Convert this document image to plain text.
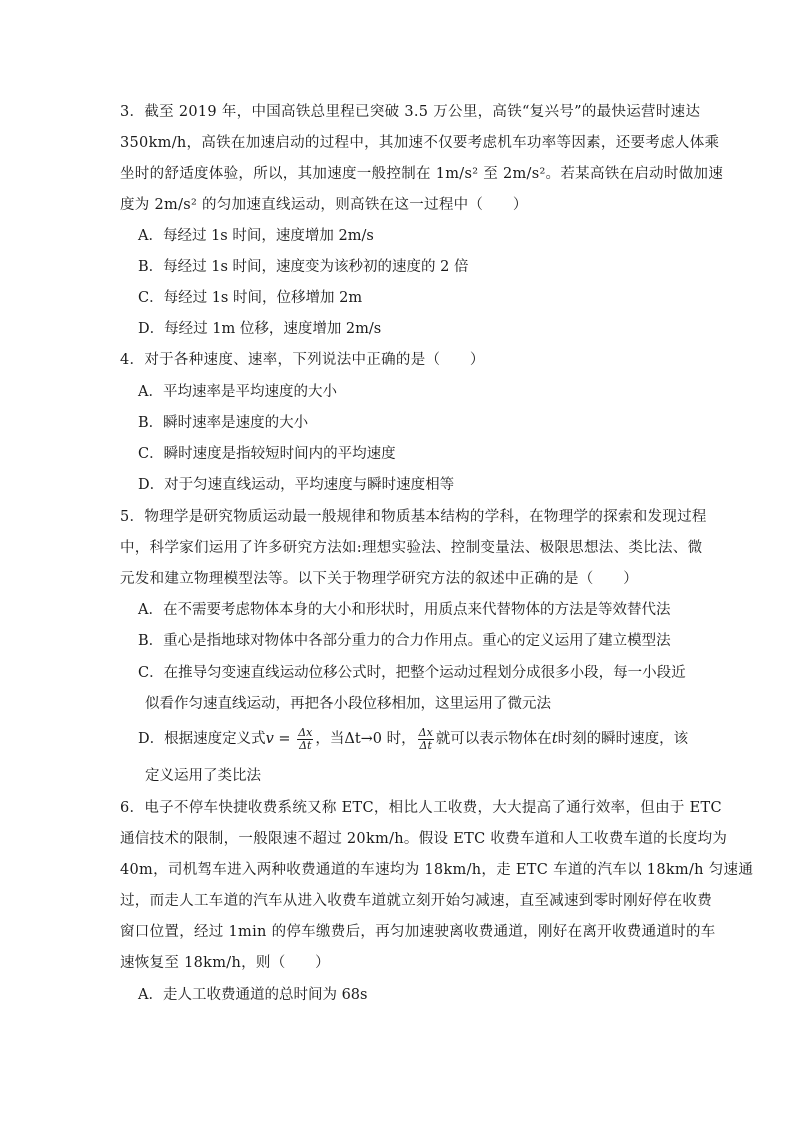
3．截至 2019 年，中国高铁总里程已突破 3.5 万公里，高铁“复兴号”的最快运营时速达
350km/h，高铁在加速启动的过程中，其加速不仅要考虑机车功率等因素，还要考虑人体乘
坐时的舒适度体验，所以，其加速度一般控制在 1m/s² 至 2m/s²。若某高铁在启动时做加速
度为 2m/s² 的匀加速直线运动，则高铁在这一过程中（　　）
A．每经过 1s 时间，速度增加 2m/s
B．每经过 1s 时间，速度变为该秒初的速度的 2 倍
C．每经过 1s 时间，位移增加 2m
D．每经过 1m 位移，速度增加 2m/s
4．对于各种速度、速率，下列说法中正确的是（　　）
A．平均速率是平均速度的大小
B．瞬时速率是速度的大小
C．瞬时速度是指较短时间内的平均速度
D．对于匀速直线运动，平均速度与瞬时速度相等
5．物理学是研究物质运动最一般规律和物质基本结构的学科，在物理学的探索和发现过程
中，科学家们运用了许多研究方法如:理想实验法、控制变量法、极限思想法、类比法、微
元发和建立物理模型法等。以下关于物理学研究方法的叙述中正确的是（　　）
A．在不需要考虑物体本身的大小和形状时，用质点来代替物体的方法是等效替代法
B．重心是指地球对物体中各部分重力的合力作用点。重心的定义运用了建立模型法
C．在推导匀变速直线运动位移公式时，把整个运动过程划分成很多小段，每一小段近
似看作匀速直线运动，再把各小段位移相加，这里运用了微元法
D．根据速度定义式$v = \frac{\Delta x}{\Delta t}$ ，当Δt→0 时， $\frac{\Delta x}{\Delta t}$ 就可以表示物体在t时刻的瞬时速度，该
定义运用了类比法
6．电子不停车快捷收费系统又称 ETC，相比人工收费，大大提高了通行效率，但由于 ETC
通信技术的限制，一般限速不超过 20km/h。假设 ETC 收费车道和人工收费车道的长度均为
40m，司机驾车进入两种收费通道的车速均为 18km/h，走 ETC 车道的汽车以 18km/h 匀速通
过，而走人工车道的汽车从进入收费车道就立刻开始匀减速，直至减速到零时刚好停在收费
窗口位置，经过 1min 的停车缴费后，再匀加速驶离收费通道，刚好在离开收费通道时的车
速恢复至 18km/h，则（　　）
A．走人工收费通道的总时间为 68s
